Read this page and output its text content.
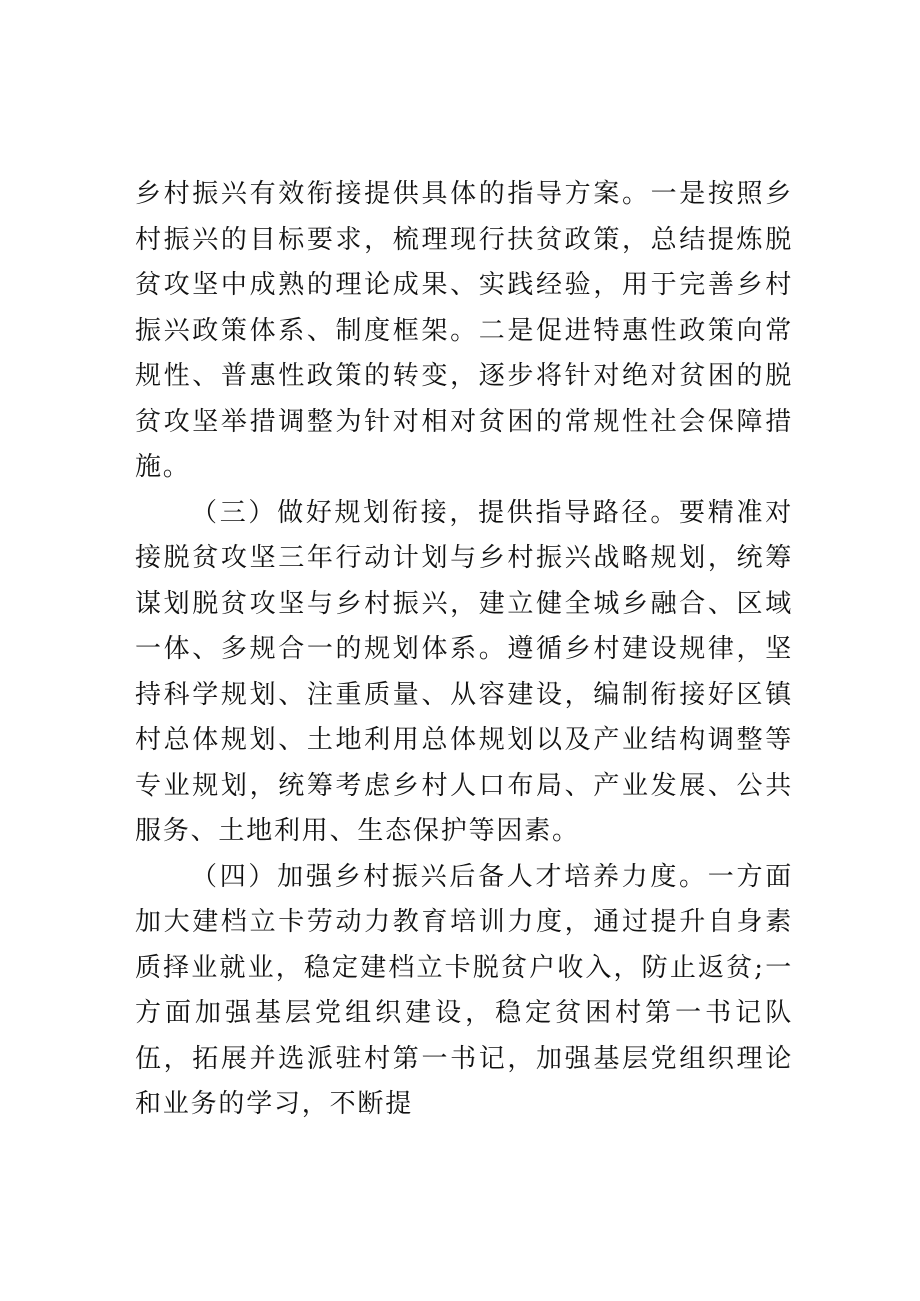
乡村振兴有效衔接提供具体的指导方案。一是按照乡村振兴的目标要求，梳理现行扶贫政策，总结提炼脱贫攻坚中成熟的理论成果、实践经验，用于完善乡村振兴政策体系、制度框架。二是促进特惠性政策向常规性、普惠性政策的转变，逐步将针对绝对贫困的脱贫攻坚举措调整为针对相对贫困的常规性社会保障措施。

（三）做好规划衔接，提供指导路径。要精准对接脱贫攻坚三年行动计划与乡村振兴战略规划，统筹谋划脱贫攻坚与乡村振兴，建立健全城乡融合、区域一体、多规合一的规划体系。遵循乡村建设规律，坚持科学规划、注重质量、从容建设，编制衔接好区镇村总体规划、土地利用总体规划以及产业结构调整等专业规划，统筹考虑乡村人口布局、产业发展、公共服务、土地利用、生态保护等因素。

（四）加强乡村振兴后备人才培养力度。一方面加大建档立卡劳动力教育培训力度，通过提升自身素质择业就业，稳定建档立卡脱贫户收入，防止返贫;一方面加强基层党组织建设，稳定贫困村第一书记队伍，拓展并选派驻村第一书记，加强基层党组织理论和业务的学习，不断提
